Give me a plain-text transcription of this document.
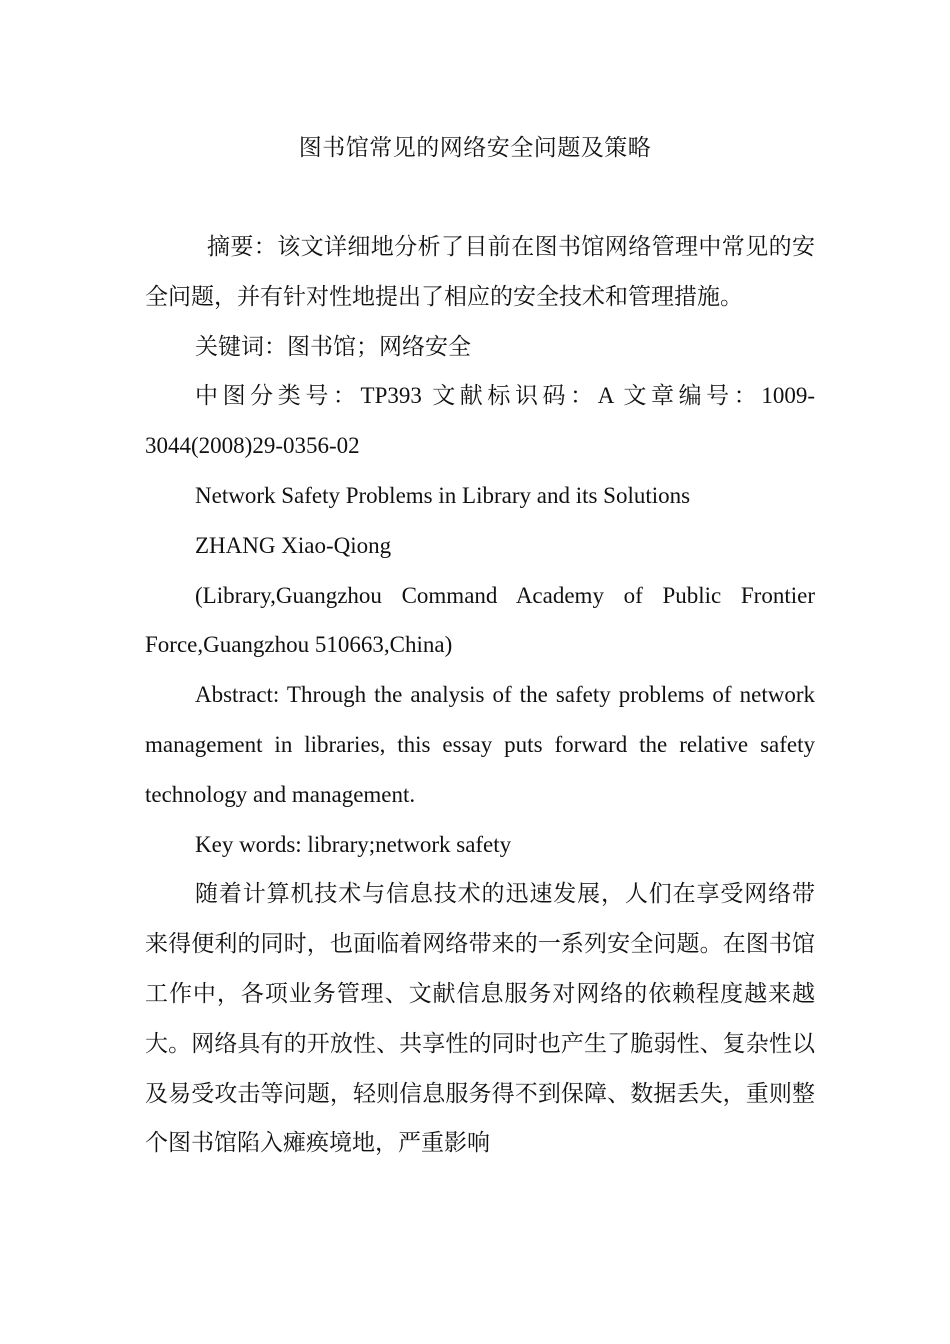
图书馆常见的网络安全问题及策略

摘要：该文详细地分析了目前在图书馆网络管理中常见的安全问题，并有针对性地提出了相应的安全技术和管理措施。

关键词：图书馆；网络安全

中图分类号：TP393 文献标识码：A 文章编号：1009-3044(2008)29-0356-02

Network Safety Problems in Library and its Solutions

ZHANG Xiao-Qiong

(Library,Guangzhou Command Academy of Public Frontier Force,Guangzhou 510663,China)

Abstract: Through the analysis of the safety problems of network management in libraries, this essay puts forward the relative safety technology and management.

Key words: library;network safety

随着计算机技术与信息技术的迅速发展，人们在享受网络带来得便利的同时，也面临着网络带来的一系列安全问题。在图书馆工作中，各项业务管理、文献信息服务对网络的依赖程度越来越大。网络具有的开放性、共享性的同时也产生了脆弱性、复杂性以及易受攻击等问题，轻则信息服务得不到保障、数据丢失，重则整个图书馆陷入瘫痪境地，严重影响
